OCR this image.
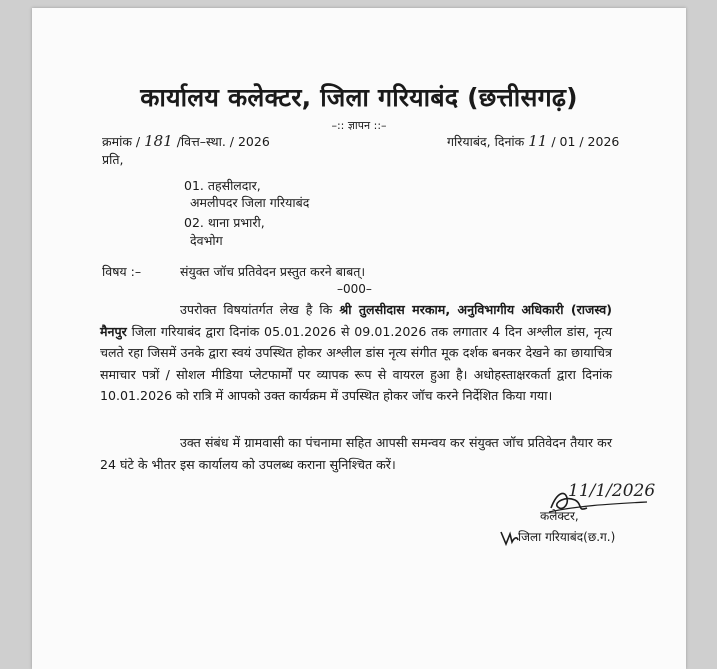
कार्यालय कलेक्टर, जिला गरियाबंद (छत्तीसगढ़)
–:: ज्ञापन ::–
क्रमांक / 181 /वित्त–स्था. / 2026	गरियाबंद, दिनांक 11 / 01 / 2026
प्रति,
01. तहसीलदार,
अमलीपदर जिला गरियाबंद
02. थाना प्रभारी,
देवभोग
विषय :–	संयुक्त जॉच प्रतिवेदन प्रस्तुत करने बाबत्।
–000–
उपरोक्त विषयांतर्गत लेख है कि श्री तुलसीदास मरकाम, अनुविभागीय अधिकारी (राजस्व) मैनपुर जिला गरियाबंद द्वारा दिनांक 05.01.2026 से 09.01.2026 तक लगातार 4 दिन अश्लील डांस, नृत्य चलते रहा जिसमें उनके द्वारा स्वयं उपस्थित होकर अश्लील डांस नृत्य संगीत मूक दर्शक बनकर देखने का छायाचित्र समाचार पत्रों / सोशल मीडिया प्लेटफार्मों पर व्यापक रूप से वायरल हुआ है। अधोहस्ताक्षरकर्ता द्वारा दिनांक 10.01.2026 को रात्रि में आपको उक्त कार्यक्रम में उपस्थित होकर जॉच करने निर्देशित किया गया।
उक्त संबंध में ग्रामवासी का पंचनामा सहित आपसी समन्वय कर संयुक्त जॉच प्रतिवेदन तैयार कर 24 घंटे के भीतर इस कार्यालय को उपलब्ध कराना सुनिश्चित करें।
11/1/2026
कलेक्टर,
जिला गरियाबंद(छ.ग.)
